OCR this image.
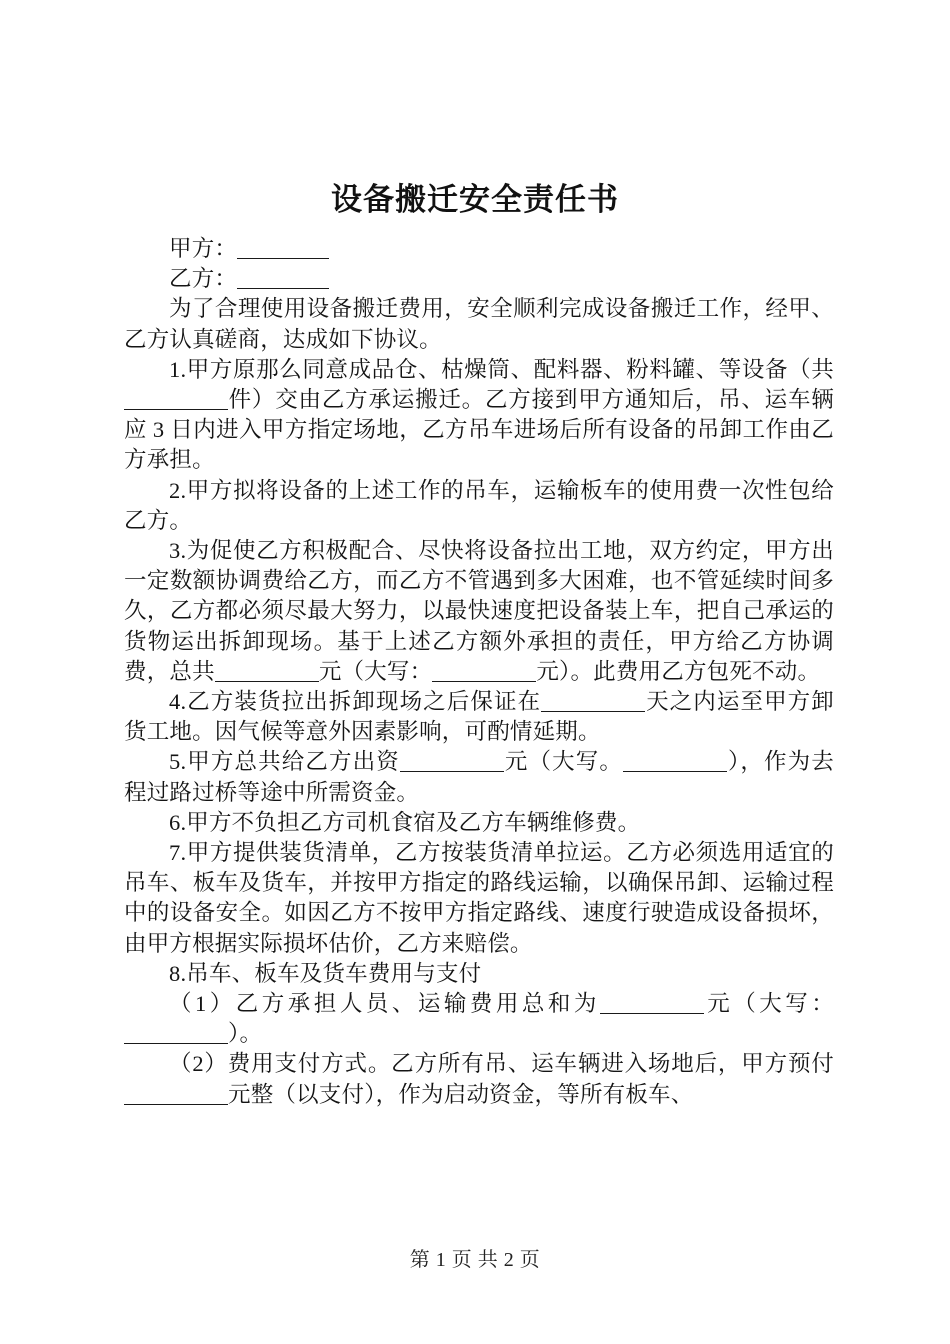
设备搬迁安全责任书

甲方：

乙方：

为了合理使用设备搬迁费用，安全顺利完成设备搬迁工作，经甲、乙方认真磋商，达成如下协议。

1.甲方原那么同意成品仓、枯燥筒、配料器、粉料罐、等设备（共件）交由乙方承运搬迁。乙方接到甲方通知后，吊、运车辆应 3 日内进入甲方指定场地，乙方吊车进场后所有设备的吊卸工作由乙方承担。

2.甲方拟将设备的上述工作的吊车，运输板车的使用费一次性包给乙方。

3.为促使乙方积极配合、尽快将设备拉出工地，双方约定，甲方出一定数额协调费给乙方，而乙方不管遇到多大困难，也不管延续时间多久，乙方都必须尽最大努力，以最快速度把设备装上车，把自己承运的货物运出拆卸现场。基于上述乙方额外承担的责任，甲方给乙方协调费，总共	元（大写：	元）。此费用乙方包死不动。

4.乙方装货拉出拆卸现场之后保证在	天之内运至甲方卸货工地。因气候等意外因素影响，可酌情延期。

5.甲方总共给乙方出资	元（大写。	），作为去程过路过桥等途中所需资金。

6.甲方不负担乙方司机食宿及乙方车辆维修费。

7.甲方提供装货清单，乙方按装货清单拉运。乙方必须选用适宜的吊车、板车及货车，并按甲方指定的路线运输，以确保吊卸、运输过程中的设备安全。如因乙方不按甲方指定路线、速度行驶造成设备损坏，由甲方根据实际损坏估价，乙方来赔偿。

8.吊车、板车及货车费用与支付

（1）乙方承担人员、运输费用总和为	元（大写：）。

（2）费用支付方式。乙方所有吊、运车辆进入场地后，甲方预付元整（以支付），作为启动资金，等所有板车、

第 1 页 共 2 页
